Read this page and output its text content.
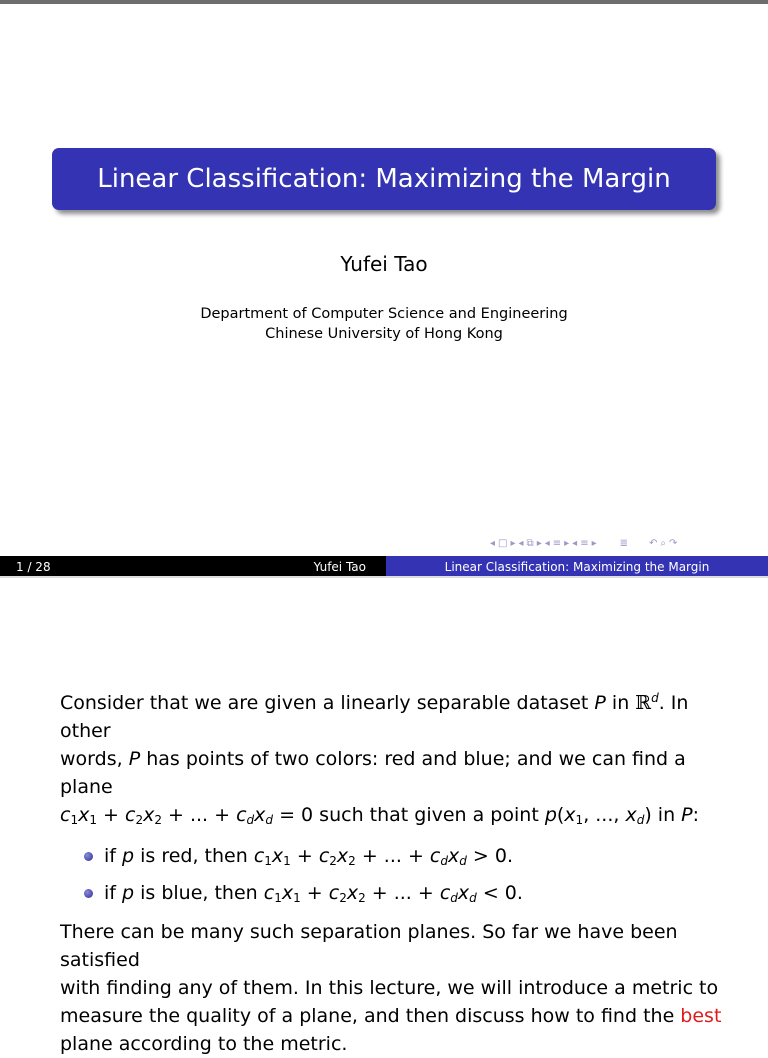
Linear Classification: Maximizing the Margin
Yufei Tao
Department of Computer Science and Engineering
Chinese University of Hong Kong
◂ □ ▸ ◂ ⧉ ▸ ◂ ≡ ▸ ◂ ≡ ▸ ≣ ↶ ⌕ ↷
1 / 28	Yufei Tao	Linear Classification: Maximizing the Margin

Consider that we are given a linearly separable dataset P in ℝ$^d$. In other
words, P has points of two colors: red and blue; and we can find a plane
$c_1x_1 + c_2x_2$ + ... + cdxd = 0 such that given a point $p(x_1$, ..., xd) in P:

if p is red, then $c_1x_1 + c_2x_2$ + ... + cdxd > 0.
if p is blue, then $c_1x_1 + c_2x_2$ + ... + cdxd < 0.

There can be many such separation planes. So far we have been satisfied
with finding any of them. In this lecture, we will introduce a metric to
measure the quality of a plane, and then discuss how to find the best
plane according to the metric.
